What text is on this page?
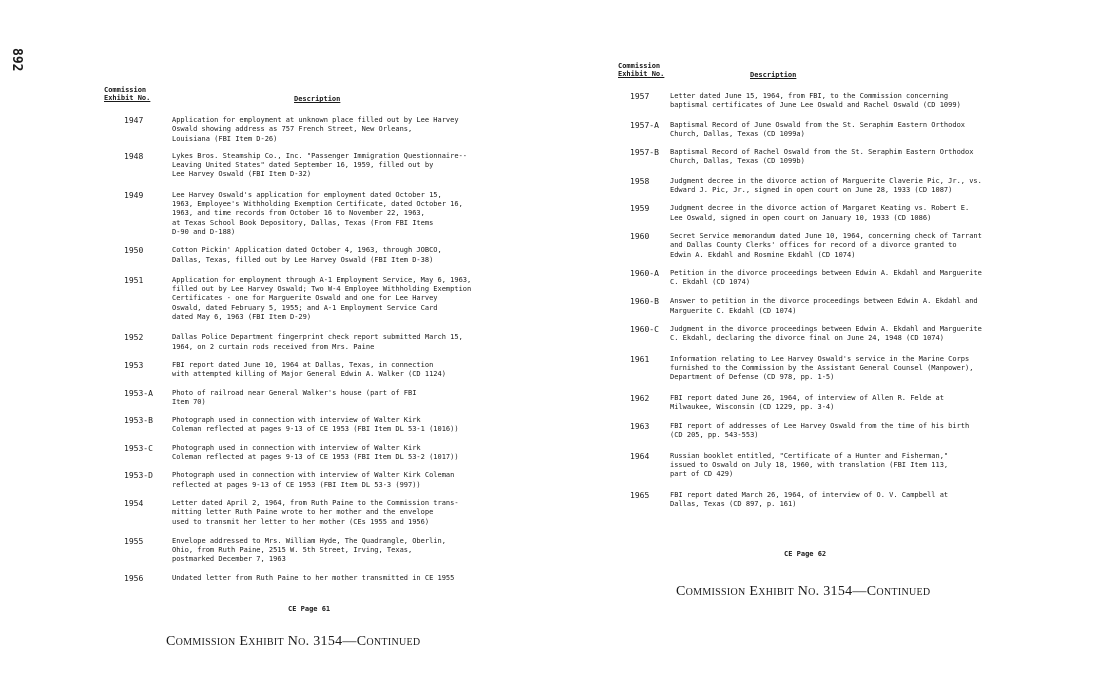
892
Commission
Exhibit No.	Description
1947	Application for employment at unknown place filled out by Lee Harvey
Oswald showing address as 757 French Street, New Orleans,
Louisiana (FBI Item D-26)
1948	Lykes Bros. Steamship Co., Inc. "Passenger Immigration Questionnaire--
Leaving United States" dated September 16, 1959, filled out by
Lee Harvey Oswald (FBI Item D-32)
1949	Lee Harvey Oswald's application for employment dated October 15,
1963, Employee's Withholding Exemption Certificate, dated October 16,
1963, and time records from October 16 to November 22, 1963,
at Texas School Book Depository, Dallas, Texas (From FBI Items
D-90 and D-188)
1950	Cotton Pickin' Application dated October 4, 1963, through JOBCO,
Dallas, Texas, filled out by Lee Harvey Oswald (FBI Item D-38)
1951	Application for employment through A-1 Employment Service, May 6, 1963,
filled out by Lee Harvey Oswald; Two W-4 Employee Withholding Exemption
Certificates - one for Marguerite Oswald and one for Lee Harvey
Oswald, dated February 5, 1955; and A-1 Employment Service Card
dated May 6, 1963 (FBI Item D-29)
1952	Dallas Police Department fingerprint check report submitted March 15,
1964, on 2 curtain rods received from Mrs. Paine
1953	FBI report dated June 10, 1964 at Dallas, Texas, in connection
with attempted killing of Major General Edwin A. Walker (CD 1124)
1953-A	Photo of railroad near General Walker's house (part of FBI
Item 70)
1953-B	Photograph used in connection with interview of Walter Kirk
Coleman reflected at pages 9-13 of CE 1953 (FBI Item DL 53-1 (1016))
1953-C	Photograph used in connection with interview of Walter Kirk
Coleman reflected at pages 9-13 of CE 1953 (FBI Item DL 53-2 (1017))
1953-D	Photograph used in connection with interview of Walter Kirk Coleman
reflected at pages 9-13 of CE 1953 (FBI Item DL 53-3 (997))
1954	Letter dated April 2, 1964, from Ruth Paine to the Commission trans-
mitting letter Ruth Paine wrote to her mother and the envelope
used to transmit her letter to her mother (CEs 1955 and 1956)
1955	Envelope addressed to Mrs. William Hyde, The Quadrangle, Oberlin,
Ohio, from Ruth Paine, 2515 W. 5th Street, Irving, Texas,
postmarked December 7, 1963
1956	Undated letter from Ruth Paine to her mother transmitted in CE 1955
CE Page 61
Commission Exhibit No. 3154—Continued
Commission
Exhibit No.	Description
1957	Letter dated June 15, 1964, from FBI, to the Commission concerning
baptismal certificates of June Lee Oswald and Rachel Oswald (CD 1099)
1957-A	Baptismal Record of June Oswald from the St. Seraphim Eastern Orthodox
Church, Dallas, Texas (CD 1099a)
1957-B	Baptismal Record of Rachel Oswald from the St. Seraphim Eastern Orthodox
Church, Dallas, Texas (CD 1099b)
1958	Judgment decree in the divorce action of Marguerite Claverie Pic, Jr., vs.
Edward J. Pic, Jr., signed in open court on June 28, 1933 (CD 1087)
1959	Judgment decree in the divorce action of Margaret Keating vs. Robert E.
Lee Oswald, signed in open court on January 10, 1933 (CD 1086)
1960	Secret Service memorandum dated June 10, 1964, concerning check of Tarrant
and Dallas County Clerks' offices for record of a divorce granted to
Edwin A. Ekdahl and Rosmine Ekdahl (CD 1074)
1960-A	Petition in the divorce proceedings between Edwin A. Ekdahl and Marguerite
C. Ekdahl (CD 1074)
1960-B	Answer to petition in the divorce proceedings between Edwin A. Ekdahl and
Marguerite C. Ekdahl (CD 1074)
1960-C	Judgment in the divorce proceedings between Edwin A. Ekdahl and Marguerite
C. Ekdahl, declaring the divorce final on June 24, 1948 (CD 1074)
1961	Information relating to Lee Harvey Oswald's service in the Marine Corps
furnished to the Commission by the Assistant General Counsel (Manpower),
Department of Defense (CD 978, pp. 1-5)
1962	FBI report dated June 26, 1964, of interview of Allen R. Felde at
Milwaukee, Wisconsin (CD 1229, pp. 3-4)
1963	FBI report of addresses of Lee Harvey Oswald from the time of his birth
(CD 205, pp. 543-553)
1964	Russian booklet entitled, "Certificate of a Hunter and Fisherman,"
issued to Oswald on July 18, 1960, with translation (FBI Item 113,
part of CD 429)
1965	FBI report dated March 26, 1964, of interview of O. V. Campbell at
Dallas, Texas (CD 897, p. 161)
CE Page 62
Commission Exhibit No. 3154—Continued
